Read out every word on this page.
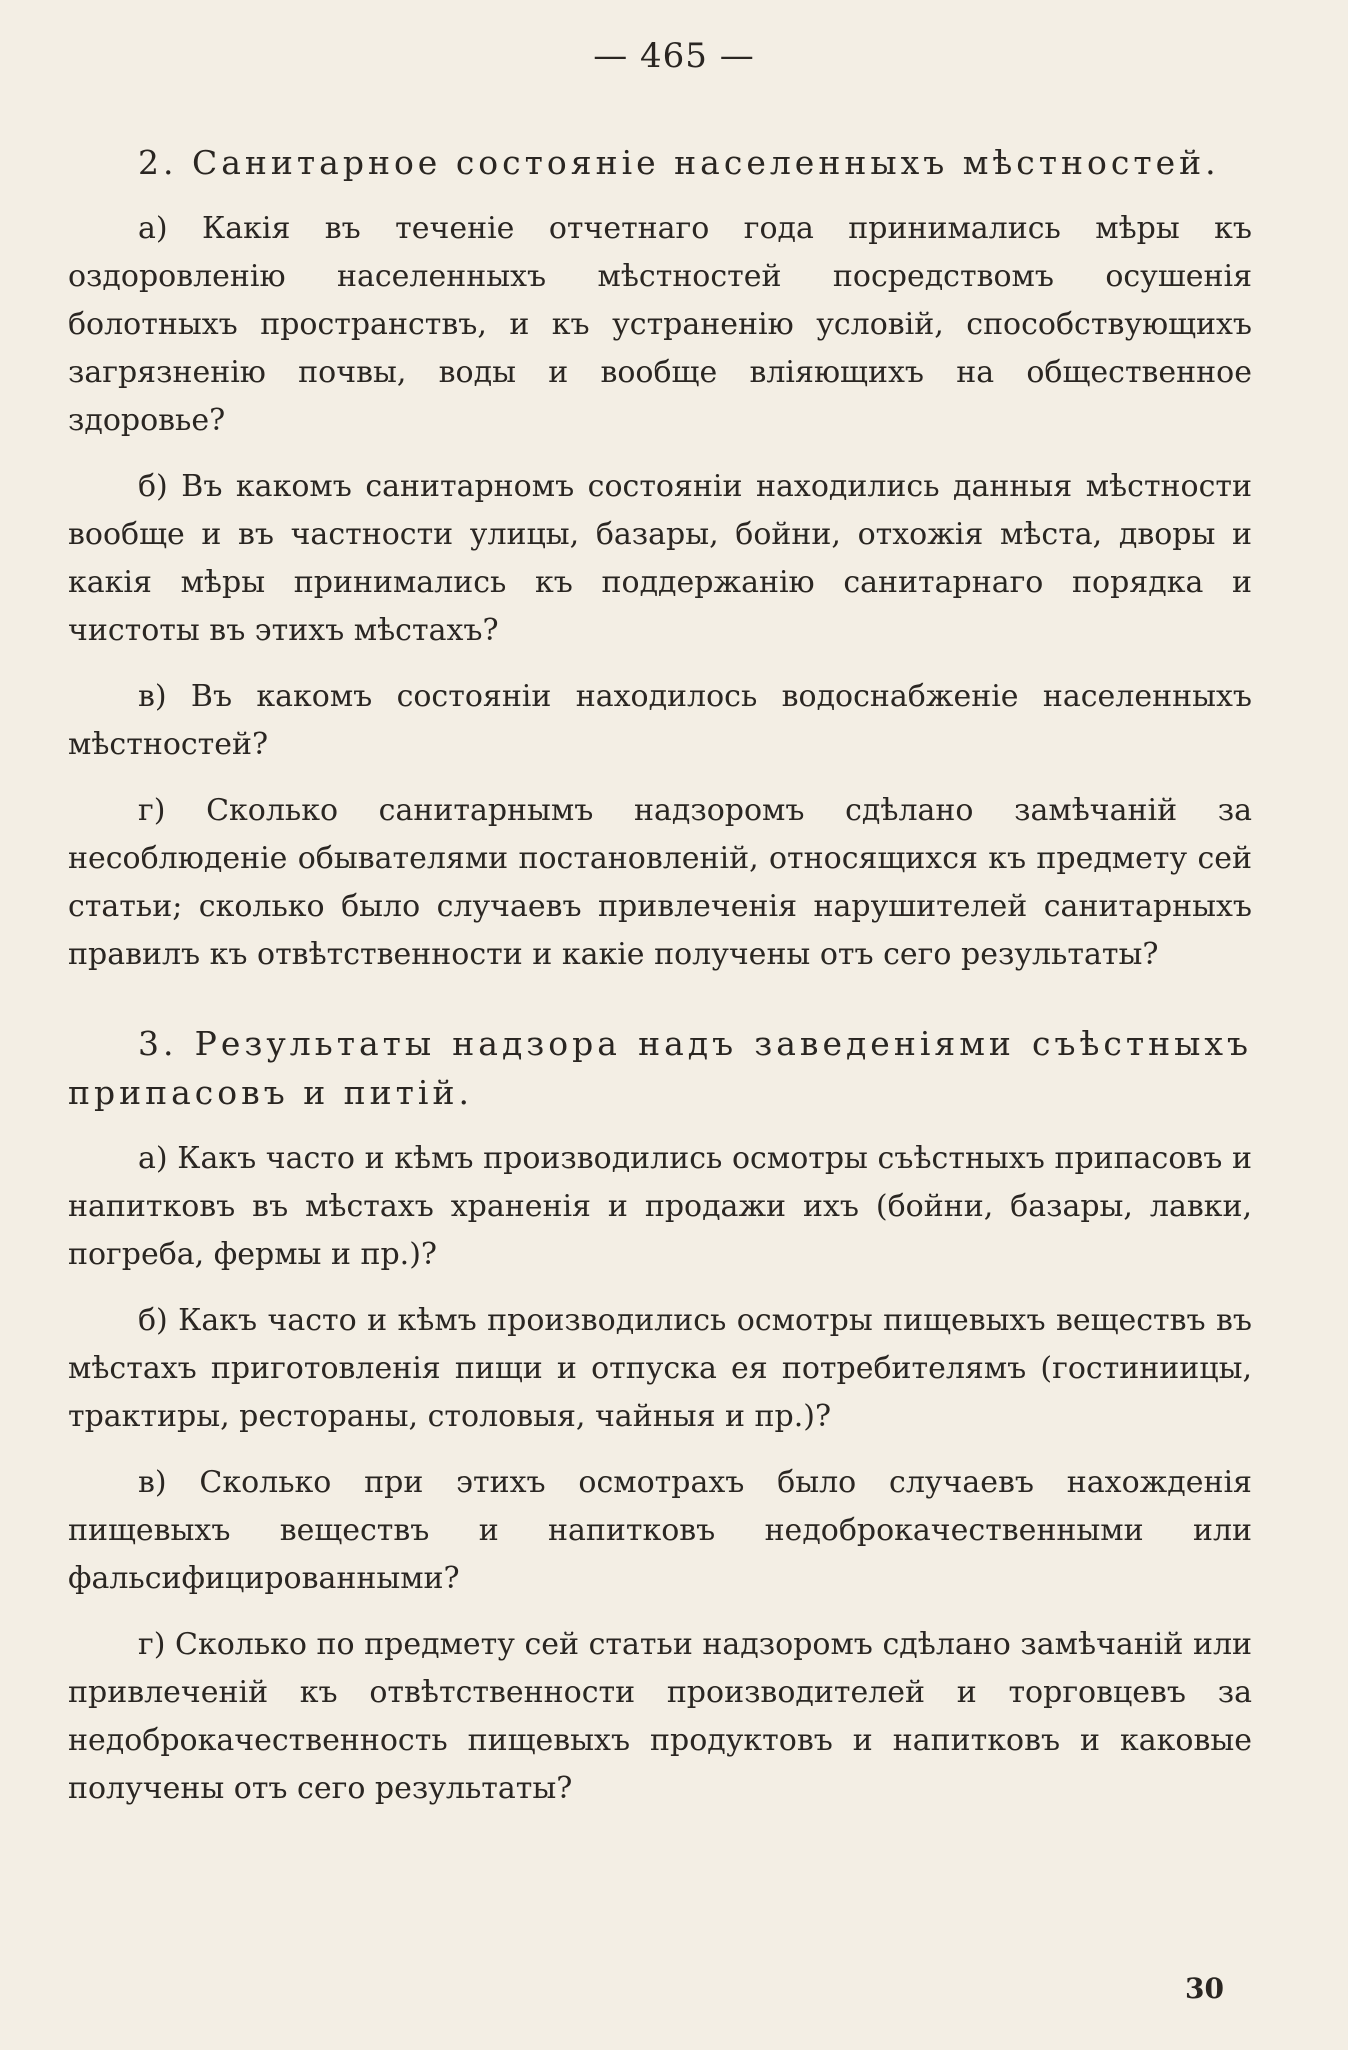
— 465 —
2. Санитарное состоянiе населенныхъ мѣстностей.

а) Какiя въ теченiе отчетнаго года принимались мѣры къ оздоровленiю населенныхъ мѣстностей посредствомъ осушенiя болотныхъ пространствъ, и къ устраненiю условiй, способствующихъ загрязненiю почвы, воды и вообще влiяющихъ на общественное здоровье?

б) Въ какомъ санитарномъ состоянiи находились данныя мѣстности вообще и въ частности улицы, базары, бойни, отхожiя мѣста, дворы и какiя мѣры принимались къ поддержанiю санитарнаго порядка и чистоты въ этихъ мѣстахъ?

в) Въ какомъ состоянiи находилось водоснабженiе населенныхъ мѣстностей?

г) Сколько санитарнымъ надзоромъ сдѣлано замѣчанiй за несоблюденiе обывателями постановленiй, относящихся къ предмету сей статьи; сколько было случаевъ привлеченiя нарушителей санитарныхъ правилъ къ отвѣтственности и какiе получены отъ сего результаты?

3. Результаты надзора надъ заведенiями съѣстныхъ припасовъ и питiй.

а) Какъ часто и кѣмъ производились осмотры съѣстныхъ припасовъ и напитковъ въ мѣстахъ храненiя и продажи ихъ (бойни, базары, лавки, погреба, фермы и пр.)?

б) Какъ часто и кѣмъ производились осмотры пищевыхъ веществъ въ мѣстахъ приготовленiя пищи и отпуска ея потребителямъ (гостиниицы, трактиры, рестораны, столовыя, чайныя и пр.)?

в) Сколько при этихъ осмотрахъ было случаевъ нахожденiя пищевыхъ веществъ и напитковъ недоброкачественными или фальсифицированными?

г) Сколько по предмету сей статьи надзоромъ сдѣлано замѣчанiй или привлеченiй къ отвѣтственности производителей и торговцевъ за недоброкачественность пищевыхъ продуктовъ и напитковъ и каковые получены отъ сего результаты?

30
